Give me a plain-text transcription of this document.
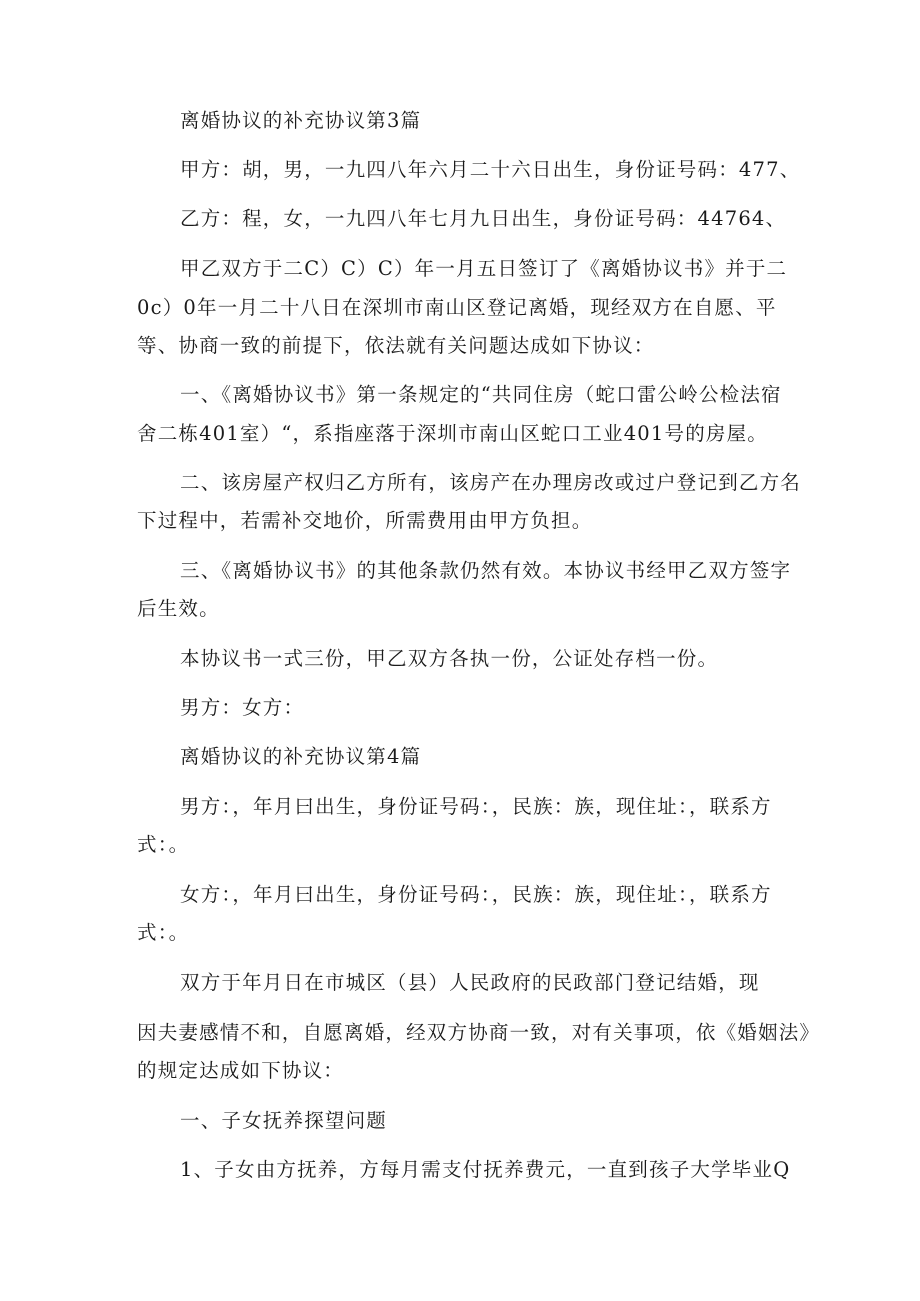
离婚协议的补充协议第3篇

甲方：胡，男，一九四八年六月二十六日出生，身份证号码：477、

乙方：程，女，一九四八年七月九日出生，身份证号码：44764、

甲乙双方于二C）C）C）年一月五日签订了《离婚协议书》并于二

0c）0年一月二十八日在深圳市南山区登记离婚，现经双方在自愿、平

等、协商一致的前提下，依法就有关问题达成如下协议：

一、《离婚协议书》第一条规定的“共同住房（蛇口雷公岭公检法宿

舍二栋401室）“，系指座落于深圳市南山区蛇口工业401号的房屋。

二、该房屋产权归乙方所有，该房产在办理房改或过户登记到乙方名

下过程中，若需补交地价，所需费用由甲方负担。

三、《离婚协议书》的其他条款仍然有效。本协议书经甲乙双方签字

后生效。

本协议书一式三份，甲乙双方各执一份，公证处存档一份。

男方：女方：

离婚协议的补充协议第4篇

男方：，年月曰出生，身份证号码：，民族：族，现住址：，联系方

式：。

女方：，年月曰出生，身份证号码：，民族：族，现住址：，联系方

式：。

双方于年月日在市城区（县）人民政府的民政部门登记结婚，现

因夫妻感情不和，自愿离婚，经双方协商一致，对有关事项，依《婚姻法》

的规定达成如下协议：

一、子女抚养探望问题

1、子女由方抚养，方每月需支付抚养费元，一直到孩子大学毕业Q
